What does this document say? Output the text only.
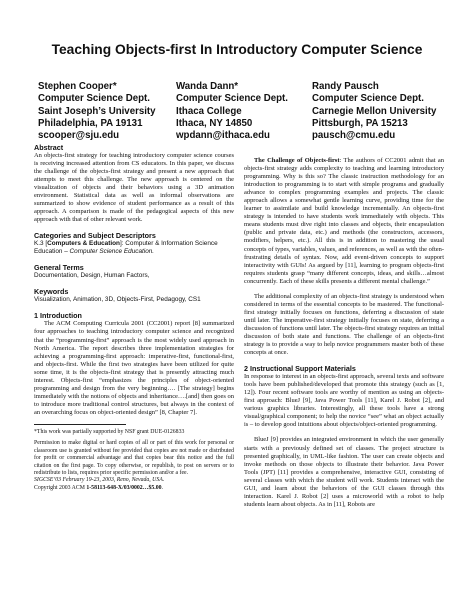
Teaching Objects-first In Introductory Computer Science
Stephen Cooper*
Computer Science Dept.
Saint Joseph’s University
Philadelphia, PA 19131
scooper@sju.edu
Wanda Dann*
Computer Science Dept.
Ithaca College
Ithaca, NY 14850
wpdann@ithaca.edu
Randy Pausch
Computer Science Dept.
Carnegie Mellon University
Pittsburgh, PA 15213
pausch@cmu.edu
Abstract

An objects-first strategy for teaching introductory computer science courses is receiving increased attention from CS educators. In this paper, we discuss the challenge of the objects-first strategy and present a new approach that attempts to meet this challenge. The new approach is centered on the visualization of objects and their behaviors using a 3D animation environment. Statistical data as well as informal observations are summarized to show evidence of student performance as a result of this approach. A comparison is made of the pedagogical aspects of this new approach with that of other relevant work.

Categories and Subject Descriptors

K.3 [Computers & Education]: Computer & Information Science Education – Computer Science Education.

General Terms

Documentation, Design, Human Factors,

Keywords

Visualization, Animation, 3D, Objects-First, Pedagogy, CS1

1 Introduction

The ACM Computing Curricula 2001 (CC2001) report [8] summarized four approaches to teaching introductory computer science and recognized that the “programming-first” approach is the most widely used approach in North America. The report describes three implementation strategies for achieving a programming-first approach: imperative-first, functional-first, and objects-first. While the first two strategies have been utilized for quite some time, it is the objects-first strategy that is presently attracting much interest. Objects-first “emphasizes the principles of object-oriented programming and design from the very beginning…. [The strategy] begins immediately with the notions of objects and inheritance….[and] then goes on to introduce more traditional control structures, but always in the context of an overarching focus on object-oriented design” [8, Chapter 7].

*This work was partially supported by NSF grant DUE-0126833

Permission to make digital or hard copies of all or part of this work for personal or classroom use is granted without fee provided that copies are not made or distributed for profit or commercial advantage and that copies bear this notice and the full citation on the first page. To copy otherwise, or republish, to post on servers or to redistribute to lists, requires prior specific permission and/or a fee.

SIGCSE’03 February 19-23, 2003, Reno, Nevada, USA.

Copyright 2003 ACM 1-58113-648-X/03/0002…$5.00.

The Challenge of Objects-first: The authors of CC2001 admit that an objects-first strategy adds complexity to teaching and learning introductory programming. Why is this so? The classic instruction methodology for an introduction to programming is to start with simple programs and gradually advance to complex programming examples and projects. The classic approach allows a somewhat gentle learning curve, providing time for the learner to assimilate and build knowledge incrementally. An objects-first strategy is intended to have students work immediately with objects. This means students must dive right into classes and objects, their encapsulation (public and private data, etc.) and methods (the constructors, accessors, modifiers, helpers, etc.). All this is in addition to mastering the usual concepts of types, variables, values, and references, as well as with the often-frustrating details of syntax. Now, add event-driven concepts to support interactivity with GUIs! As argued by [11], learning to program objects-first requires students grasp “many different concepts, ideas, and skills…almost concurrently. Each of these skills presents a different mental challenge.”

The additional complexity of an objects-first strategy is understood when considered in terms of the essential concepts to be mastered. The functional-first strategy initially focuses on functions, deferring a discussion of state until later. The imperative-first strategy initially focuses on state, deferring a discussion of functions until later. The objects-first strategy requires an initial discussion of both state and functions. The challenge of an objects-first strategy is to provide a way to help novice programmers master both of these concepts at once.

2 Instructional Support Materials

In response to interest in an objects-first approach, several texts and software tools have been published/developed that promote this strategy (such as [1, 12]). Four recent software tools are worthy of mention as using an objects-first approach: BlueJ [9], Java Power Tools [11], Karel J. Robot [2], and various graphics libraries. Interestingly, all these tools have a strong visual/graphical component; to help the novice “see” what an object actually is – to develop good intuitions about objects/object-oriented programming.

BlueJ [9] provides an integrated environment in which the user generally starts with a previously defined set of classes. The project structure is presented graphically, in UML-like fashion. The user can create objects and invoke methods on those objects to illustrate their behavior. Java Power Tools (JPT) [11] provides a comprehensive, interactive GUI, consisting of several classes with which the student will work. Students interact with the GUI, and learn about the behaviors of the GUI classes through this interaction. Karel J. Robot [2] uses a microworld with a robot to help students learn about objects. As in [11], Robots are
